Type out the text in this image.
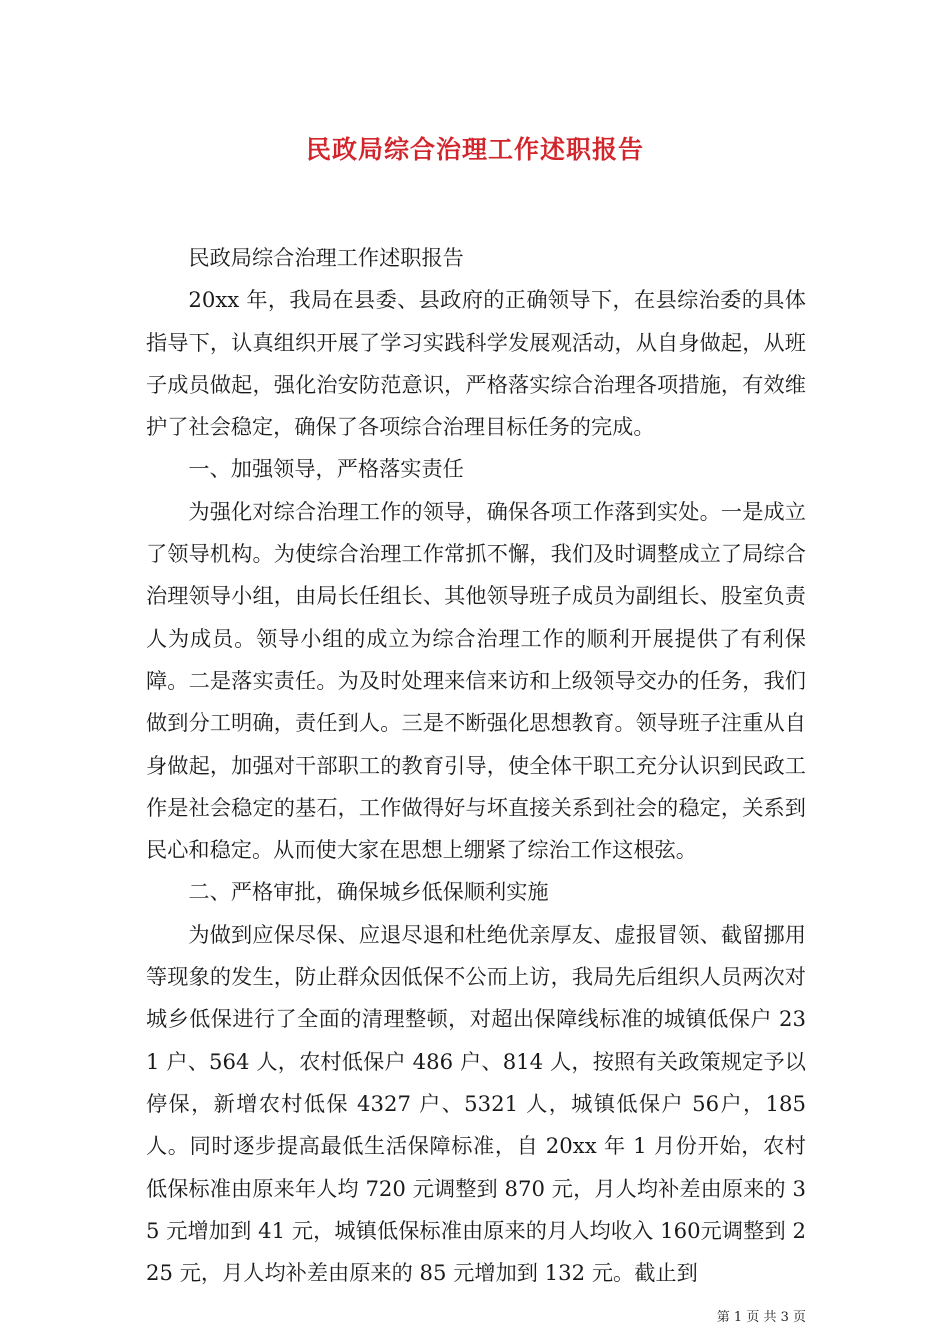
民政局综合治理工作述职报告

民政局综合治理工作述职报告

20xx 年，我局在县委、县政府的正确领导下，在县综治委的具体指导下，认真组织开展了学习实践科学发展观活动，从自身做起，从班子成员做起，强化治安防范意识，严格落实综合治理各项措施，有效维护了社会稳定，确保了各项综合治理目标任务的完成。

一、加强领导，严格落实责任

为强化对综合治理工作的领导，确保各项工作落到实处。一是成立了领导机构。为使综合治理工作常抓不懈，我们及时调整成立了局综合治理领导小组，由局长任组长、其他领导班子成员为副组长、股室负责人为成员。领导小组的成立为综合治理工作的顺利开展提供了有利保障。二是落实责任。为及时处理来信来访和上级领导交办的任务，我们做到分工明确，责任到人。三是不断强化思想教育。领导班子注重从自身做起，加强对干部职工的教育引导，使全体干职工充分认识到民政工作是社会稳定的基石，工作做得好与坏直接关系到社会的稳定，关系到民心和稳定。从而使大家在思想上绷紧了综治工作这根弦。

二、严格审批，确保城乡低保顺利实施

为做到应保尽保、应退尽退和杜绝优亲厚友、虚报冒领、截留挪用等现象的发生，防止群众因低保不公而上访，我局先后组织人员两次对城乡低保进行了全面的清理整顿，对超出保障线标准的城镇低保户 231 户、564 人，农村低保户 486 户、814 人，按照有关政策规定予以停保，新增农村低保 4327 户、5321 人，城镇低保户 56户，185 人。同时逐步提高最低生活保障标准，自 20xx 年 1 月份开始，农村低保标准由原来年人均 720 元调整到 870 元，月人均补差由原来的 35 元增加到 41 元，城镇低保标准由原来的月人均收入 160元调整到 225 元，月人均补差由原来的 85 元增加到 132 元。截止到

第 1 页 共 3 页
